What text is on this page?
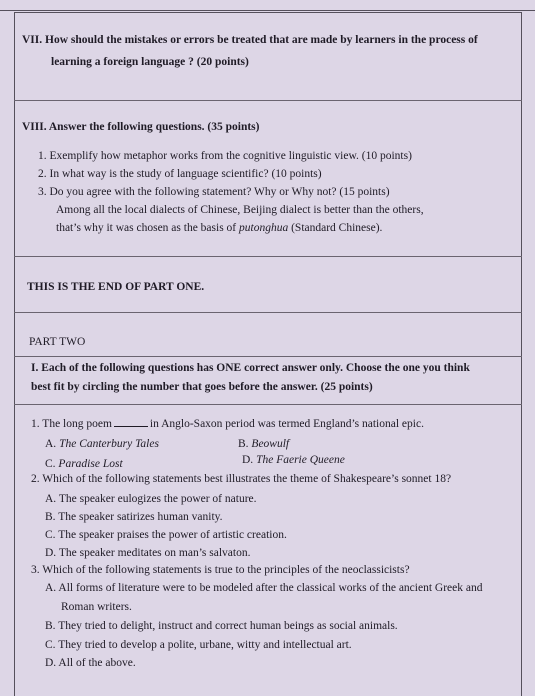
VII. How should the mistakes or errors be treated that are made by learners in the process of
learning a foreign language ? (20 points)
VIII. Answer the following questions. (35 points)
1. Exemplify how metaphor works from the cognitive linguistic view. (10 points)
2. In what way is the study of language scientific? (10 points)
3. Do you agree with the following statement? Why or Why not? (15 points)
Among all the local dialects of Chinese, Beijing dialect is better than the others,
that’s why it was chosen as the basis of putonghua (Standard Chinese).
THIS IS THE END OF PART ONE.
PART TWO
I. Each of the following questions has ONE correct answer only. Choose the one you think
best fit by circling the number that goes before the answer. (25 points)
1. The long poem	in Anglo-Saxon period was termed England’s national epic.
A. The Canterbury Tales	B. Beowulf
C. Paradise Lost	D. The Faerie Queene
2. Which of the following statements best illustrates the theme of Shakespeare’s sonnet 18?
A. The speaker eulogizes the power of nature.
B. The speaker satirizes human vanity.
C. The speaker praises the power of artistic creation.
D. The speaker meditates on man’s salvaton.
3. Which of the following statements is true to the principles of the neoclassicists?
A. All forms of literature were to be modeled after the classical works of the ancient Greek and
Roman writers.
B. They tried to delight, instruct and correct human beings as social animals.
C. They tried to develop a polite, urbane, witty and intellectual art.
D. All of the above.
